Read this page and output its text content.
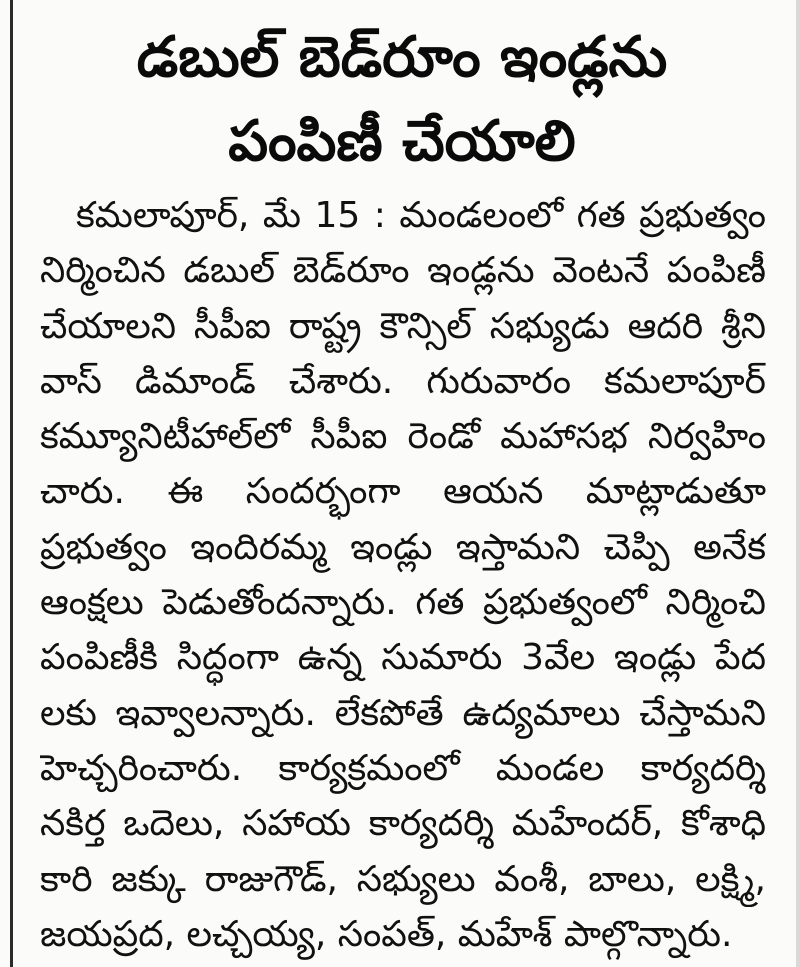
డబుల్ బెడ్‌రూం ఇండ్లను
పంపిణీ చేయాలి
కమలాపూర్, మే 15 : మండలంలో గత ప్రభుత్వం
నిర్మించిన డబుల్ బెడ్‌రూం ఇండ్లను వెంటనే పంపిణీ
చేయాలని సీపీఐ రాష్ట్ర కౌన్సిల్ సభ్యుడు ఆదరి శ్రీని
వాస్ డిమాండ్ చేశారు. గురువారం కమలాపూర్
కమ్యూనిటీహాల్‌లో సీపీఐ రెండో మహాసభ నిర్వహిం
చారు. ఈ సందర్భంగా ఆయన మాట్లాడుతూ
ప్రభుత్వం ఇందిరమ్మ ఇండ్లు ఇస్తామని చెప్పి అనేక
ఆంక్షలు పెడుతోందన్నారు. గత ప్రభుత్వంలో నిర్మించి
పంపిణీకి సిద్ధంగా ఉన్న సుమారు 3వేల ఇండ్లు పేద
లకు ఇవ్వాలన్నారు. లేకపోతే ఉద్యమాలు చేస్తామని
హెచ్చరించారు. కార్యక్రమంలో మండల కార్యదర్శి
నకిర్త ఒదెలు, సహాయ కార్యదర్శి మహేందర్, కోశాధి
కారి జక్కు రాజుగౌడ్, సభ్యులు వంశీ, బాలు, లక్ష్మి,
జయప్రద, లచ్చయ్య, సంపత్, మహేశ్ పాల్గొన్నారు.
